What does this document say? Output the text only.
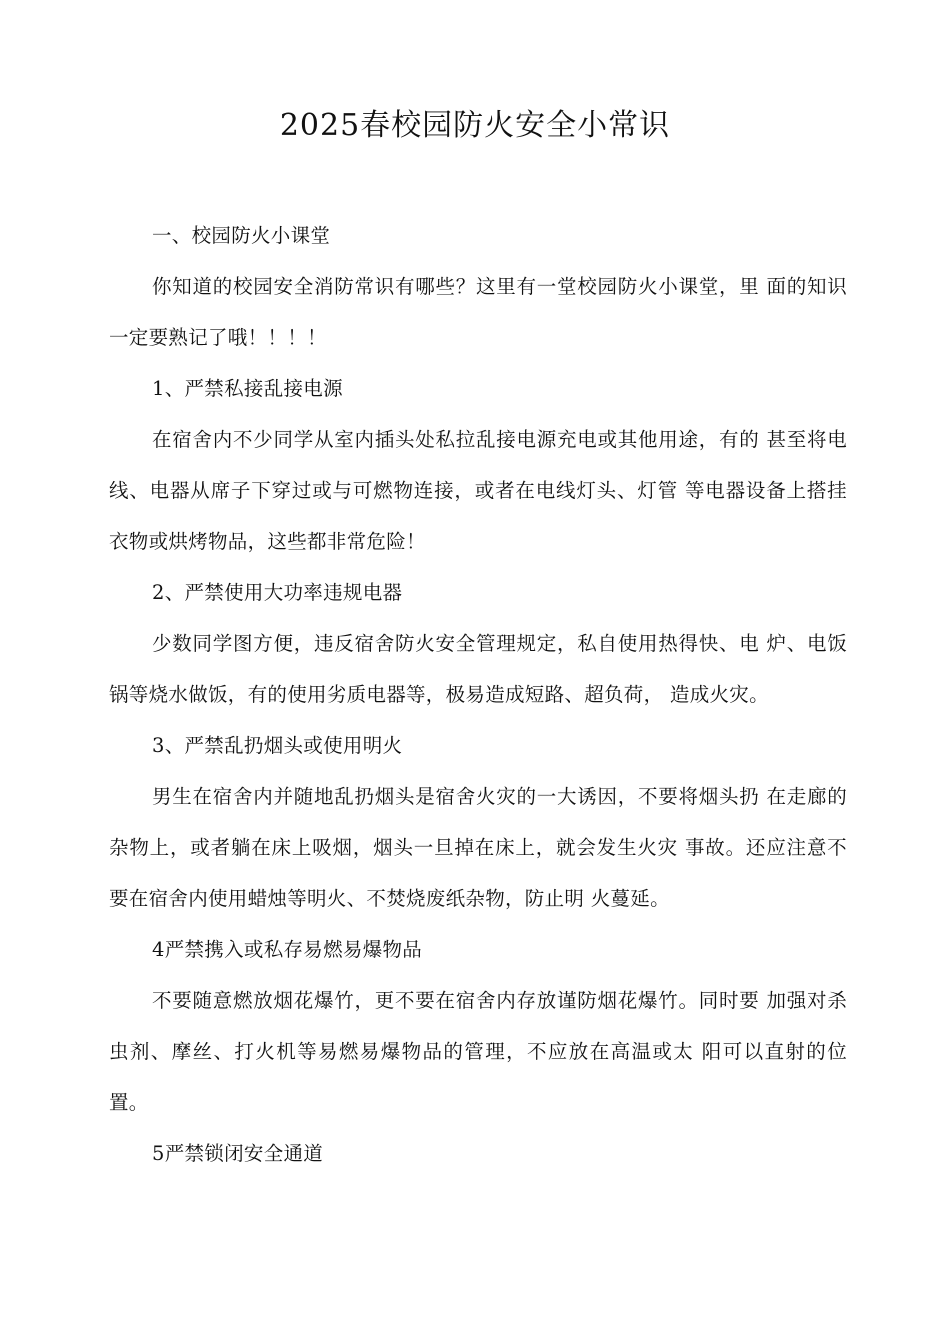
2025春校园防火安全小常识

一、校园防火小课堂

你知道的校园安全消防常识有哪些？这里有一堂校园防火小课堂，里 面的知识一定要熟记了哦！！！！

1、严禁私接乱接电源

在宿舍内不少同学从室内插头处私拉乱接电源充电或其他用途，有的 甚至将电线、电器从席子下穿过或与可燃物连接，或者在电线灯头、灯管 等电器设备上搭挂衣物或烘烤物品，这些都非常危险！

2、严禁使用大功率违规电器

少数同学图方便，违反宿舍防火安全管理规定，私自使用热得快、电 炉、电饭锅等烧水做饭，有的使用劣质电器等，极易造成短路、超负荷， 造成火灾。

3、严禁乱扔烟头或使用明火

男生在宿舍内并随地乱扔烟头是宿舍火灾的一大诱因，不要将烟头扔 在走廊的杂物上，或者躺在床上吸烟，烟头一旦掉在床上，就会发生火灾 事故。还应注意不要在宿舍内使用蜡烛等明火、不焚烧废纸杂物，防止明 火蔓延。

4严禁携入或私存易燃易爆物品

不要随意燃放烟花爆竹，更不要在宿舍内存放谨防烟花爆竹。同时要 加强对杀虫剂、摩丝、打火机等易燃易爆物品的管理，不应放在高温或太 阳可以直射的位置。

5严禁锁闭安全通道
